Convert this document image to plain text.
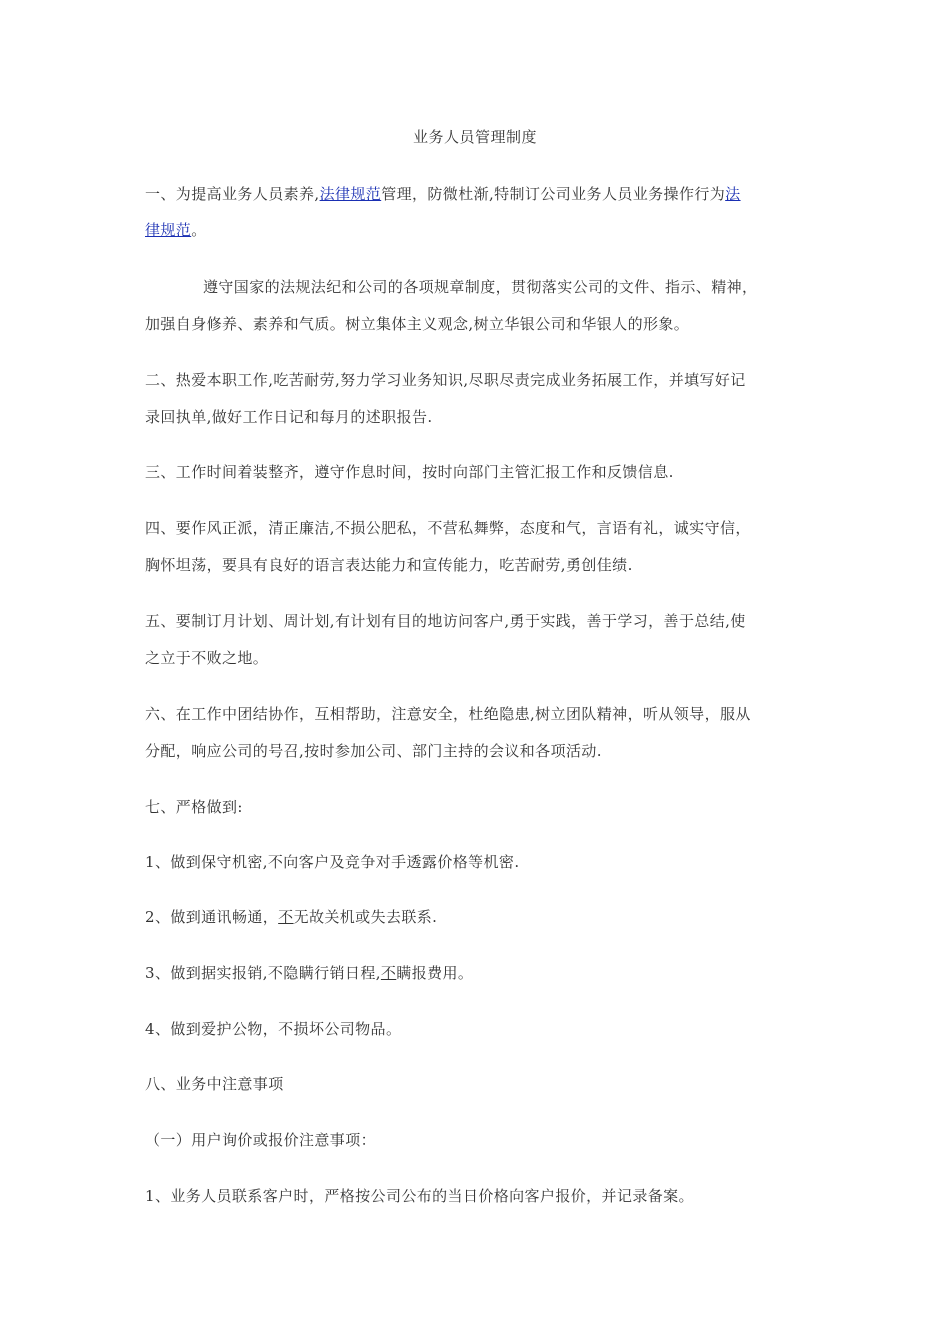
业务人员管理制度
一、为提高业务人员素养,法律规范管理，防微杜渐,特制订公司业务人员业务操作行为法
律规范。
遵守国家的法规法纪和公司的各项规章制度，贯彻落实公司的文件、指示、精神，
加强自身修养、素养和气质。树立集体主义观念,树立华银公司和华银人的形象。
二、热爱本职工作,吃苦耐劳,努力学习业务知识,尽职尽责完成业务拓展工作，并填写好记
录回执单,做好工作日记和每月的述职报告.
三、工作时间着装整齐，遵守作息时间，按时向部门主管汇报工作和反馈信息.
四、要作风正派，清正廉洁,不损公肥私，不营私舞弊，态度和气，言语有礼，诚实守信，
胸怀坦荡，要具有良好的语言表达能力和宣传能力，吃苦耐劳,勇创佳绩.
五、要制订月计划、周计划,有计划有目的地访问客户,勇于实践，善于学习，善于总结,使
之立于不败之地。
六、在工作中团结协作，互相帮助，注意安全，杜绝隐患,树立团队精神，听从领导，服从
分配，响应公司的号召,按时参加公司、部门主持的会议和各项活动.
七、严格做到:
1、做到保守机密,不向客户及竞争对手透露价格等机密.
2、做到通讯畅通，不无故关机或失去联系.
3、做到据实报销,不隐瞒行销日程,不瞒报费用。
4、做到爱护公物，不损坏公司物品。
八、业务中注意事项
（一）用户询价或报价注意事项：
1、业务人员联系客户时，严格按公司公布的当日价格向客户报价，并记录备案。
